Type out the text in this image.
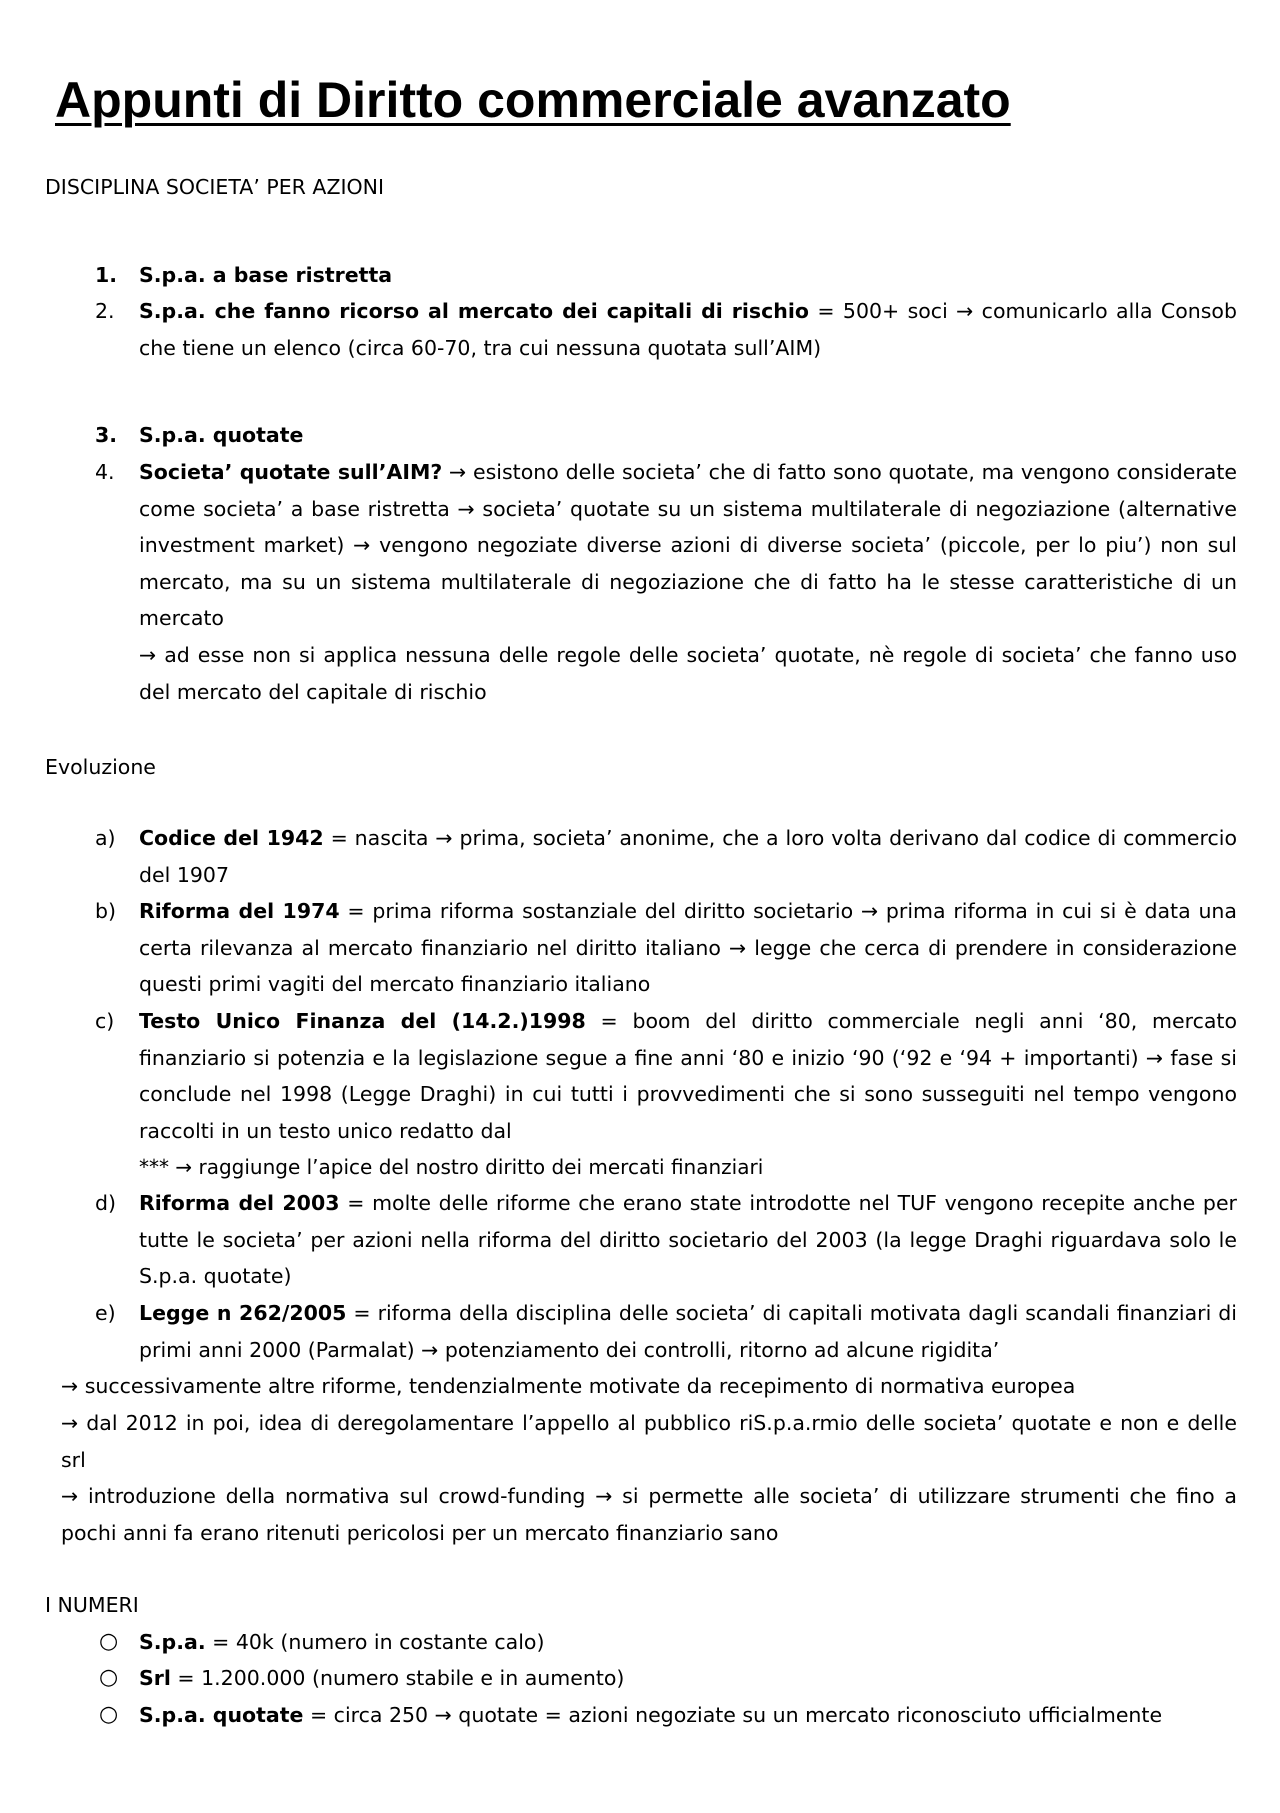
Appunti di Diritto commerciale avanzato
DISCIPLINA SOCIETA’ PER AZIONI
1.	S.p.a. a base ristretta

2.	S.p.a. che fanno ricorso al mercato dei capitali di rischio = 500+ soci → comunicarlo alla Consob che tiene un elenco (circa 60-70, tra cui nessuna quotata sull’AIM)

3.	S.p.a. quotate

4.	Societa’ quotate sull’AIM? → esistono delle societa’ che di fatto sono quotate, ma vengono considerate come societa’ a base ristretta → societa’ quotate su un sistema multilaterale di negoziazione (alternative investment market) → vengono negoziate diverse azioni di diverse societa’ (piccole, per lo piu’) non sul mercato, ma su un sistema multilaterale di negoziazione che di fatto ha le stesse caratteristiche di un mercato

→ ad esse non si applica nessuna delle regole delle societa’ quotate, nè regole di societa’ che fanno uso del mercato del capitale di rischio

Evoluzione
a)	Codice del 1942 = nascita → prima, societa’ anonime, che a loro volta derivano dal codice di commercio del 1907

b)	Riforma del 1974 = prima riforma sostanziale del diritto societario → prima riforma in cui si è data una certa rilevanza al mercato finanziario nel diritto italiano → legge che cerca di prendere in considerazione questi primi vagiti del mercato finanziario italiano

c)	Testo Unico Finanza del (14.2.)1998 = boom del diritto commerciale negli anni ‘80, mercato finanziario si potenzia e la legislazione segue a fine anni ‘80 e inizio ‘90 (‘92 e ‘94 + importanti) → fase si conclude nel 1998 (Legge Draghi) in cui tutti i provvedimenti che si sono susseguiti nel tempo vengono raccolti in un testo unico redatto dal

*** → raggiunge l’apice del nostro diritto dei mercati finanziari

d)	Riforma del 2003 = molte delle riforme che erano state introdotte nel TUF vengono recepite anche per tutte le societa’ per azioni nella riforma del diritto societario del 2003 (la legge Draghi riguardava solo le S.p.a. quotate)

e)	Legge n 262/2005 = riforma della disciplina delle societa’ di capitali motivata dagli scandali finanziari di primi anni 2000 (Parmalat) → potenziamento dei controlli, ritorno ad alcune rigidita’

→ successivamente altre riforme, tendenzialmente motivate da recepimento di normativa europea

→ dal 2012 in poi, idea di deregolamentare l’appello al pubblico riS.p.a.rmio delle societa’ quotate e non e delle srl

→ introduzione della normativa sul crowd-funding → si permette alle societa’ di utilizzare strumenti che fino a pochi anni fa erano ritenuti pericolosi per un mercato finanziario sano

I NUMERI
○	S.p.a. = 40k (numero in costante calo)

○	Srl = 1.200.000 (numero stabile e in aumento)

○	S.p.a. quotate = circa 250 → quotate = azioni negoziate su un mercato riconosciuto ufficialmente
